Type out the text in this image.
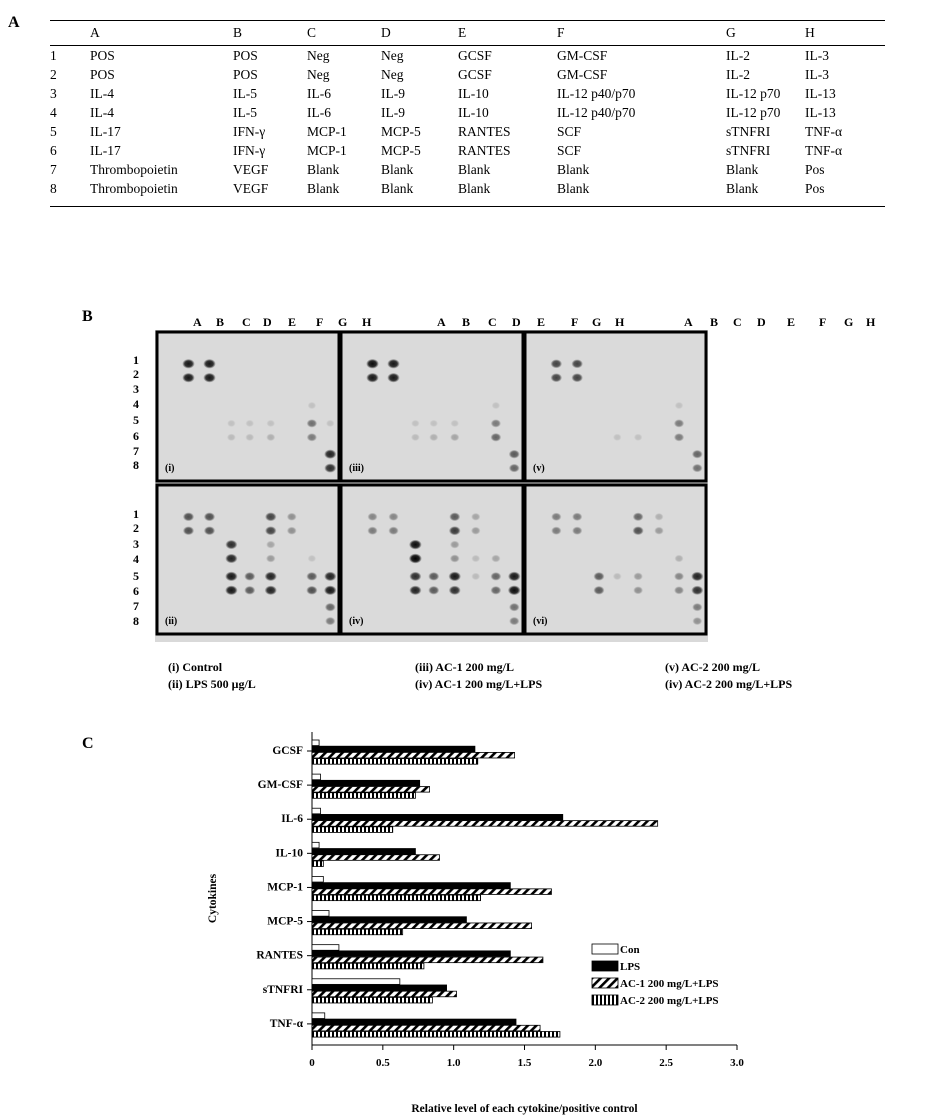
A
B
C
	A	B	C	D	E	F	G	H
1	POS	POS	Neg	Neg	GCSF	GM-CSF	IL-2	IL-3
2	POS	POS	Neg	Neg	GCSF	GM-CSF	IL-2	IL-3
3	IL-4	IL-5	IL-6	IL-9	IL-10	IL-12 p40/p70	IL-12 p70	IL-13
4	IL-4	IL-5	IL-6	IL-9	IL-10	IL-12 p40/p70	IL-12 p70	IL-13
5	IL-17	IFN-γ	MCP-1	MCP-5	RANTES	SCF	sTNFRI	TNF-α
6	IL-17	IFN-γ	MCP-1	MCP-5	RANTES	SCF	sTNFRI	TNF-α
7	Thrombopoietin	VEGF	Blank	Blank	Blank	Blank	Blank	Pos
8	Thrombopoietin	VEGF	Blank	Blank	Blank	Blank	Blank	Pos
(i)	(iii)	(v)
(ii)	(iv)	(vi)
A B C D E F G H	A B C D E F G H	A B C D E F G H
1
2
3
4
5
6
7
8
1
2
3
4
5
6
7
8
(i) Control
(ii) LPS 500 μg/L
(iii) AC-1 200 mg/L
(iv) AC-1 200 mg/L+LPS
(v) AC-2 200 mg/L
(iv) AC-2 200 mg/L+LPS
0	0.5	1.0	1.5	2.0	2.5	3.0
GCSF
GM-CSF
IL-6
IL-10
MCP-1
MCP-5
RANTES
sTNFRI
TNF-α
Relative level of each cytokine/positive control
Cytokines
Con
LPS
AC-1 200 mg/L+LPS
AC-2 200 mg/L+LPS
